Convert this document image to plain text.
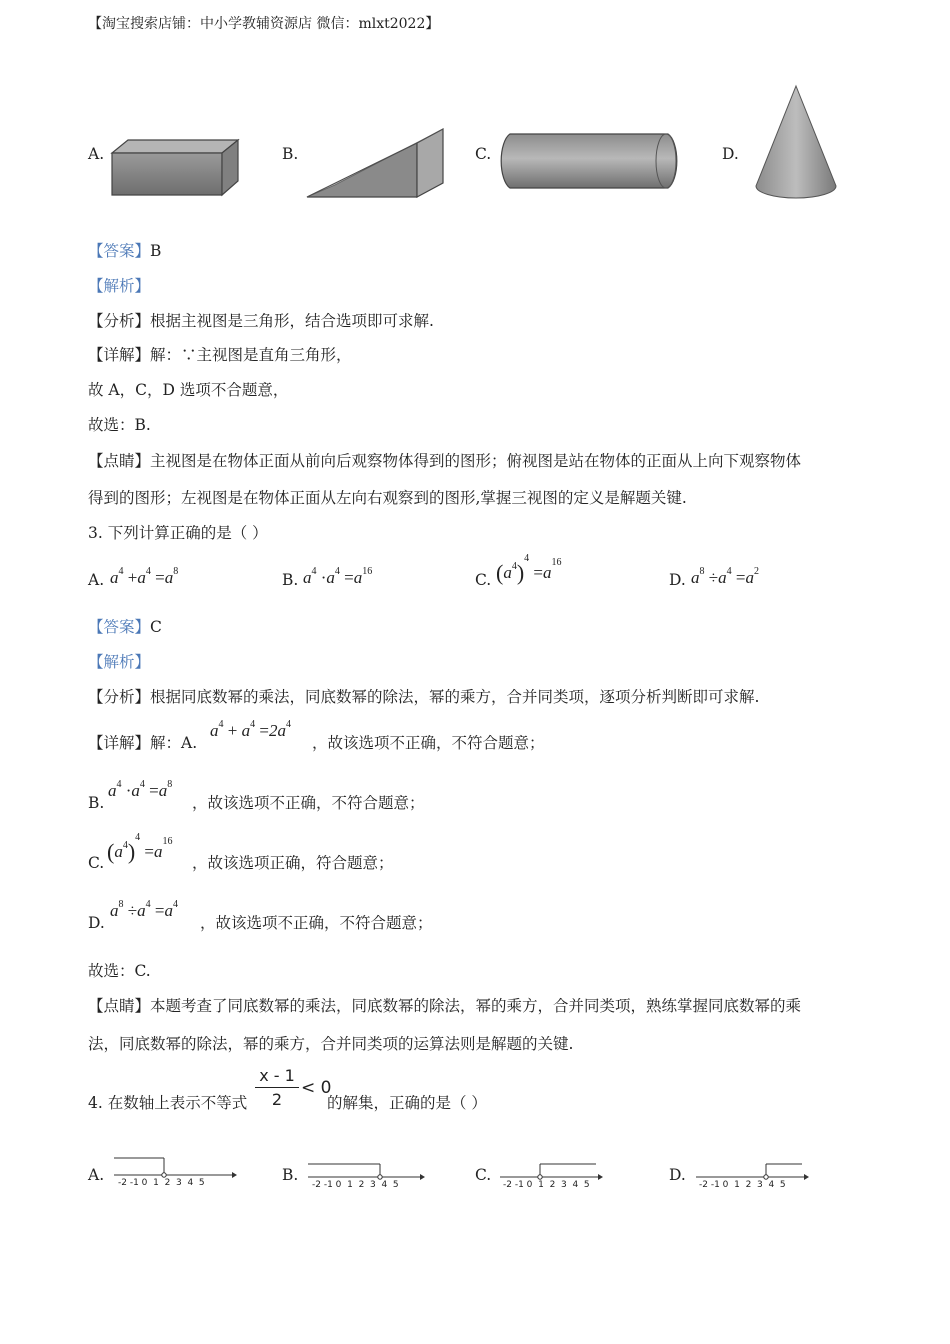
【淘宝搜索店铺：中小学教辅资源店 微信：mlxt2022】
A.	B.	C.	D.
【答案】B
【解析】
【分析】根据主视图是三角形，结合选项即可求解.
【详解】解：∵主视图是直角三角形，
故 A，C，D 选项不合题意，
故选：B.
【点睛】主视图是在物体正面从前向后观察物体得到的图形；俯视图是站在物体的正面从上向下观察物体
得到的图形；左视图是在物体正面从左向右观察到的图形,掌握三视图的定义是解题关键.
3. 下列计算正确的是（ ）
A. $a^4 +a^4 =a^8$	B. $a^4 \cdot a^4 =a^{16}$	C. $(a^4)^4 =a^{16}$
D. $a^8 \div a^4 =a^2$
【答案】C
【解析】
【分析】根据同底数幂的乘法，同底数幂的除法，幂的乘方，合并同类项，逐项分析判断即可求解.
【详解】解：A.
$a^4 + a^4 =2a^4$
，故该选项不正确，不符合题意；
B.
$a^4 \cdot a^4 =a^8$
，故该选项不正确，不符合题意；
C. $(a^4)^4 =a^{16}$
，故该选项正确，符合题意；
D.
$a^8 \div a^4 =a^4$
，故该选项不正确，不符合题意；
故选：C.
【点睛】本题考查了同底数幂的乘法，同底数幂的除法，幂的乘方，合并同类项，熟练掌握同底数幂的乘
法，同底数幂的除法，幂的乘方，合并同类项的运算法则是解题的关键.
4. 在数轴上表示不等式
x - 1
2
< 0
的解集，正确的是（ ）
A. -2 -1 0  1  2  3  4  5	B.
-2 -1 0  1  2  3  4  5
C.
-2 -1 0  1  2  3  4  5
D.
-2 -1 0  1  2  3  4  5
